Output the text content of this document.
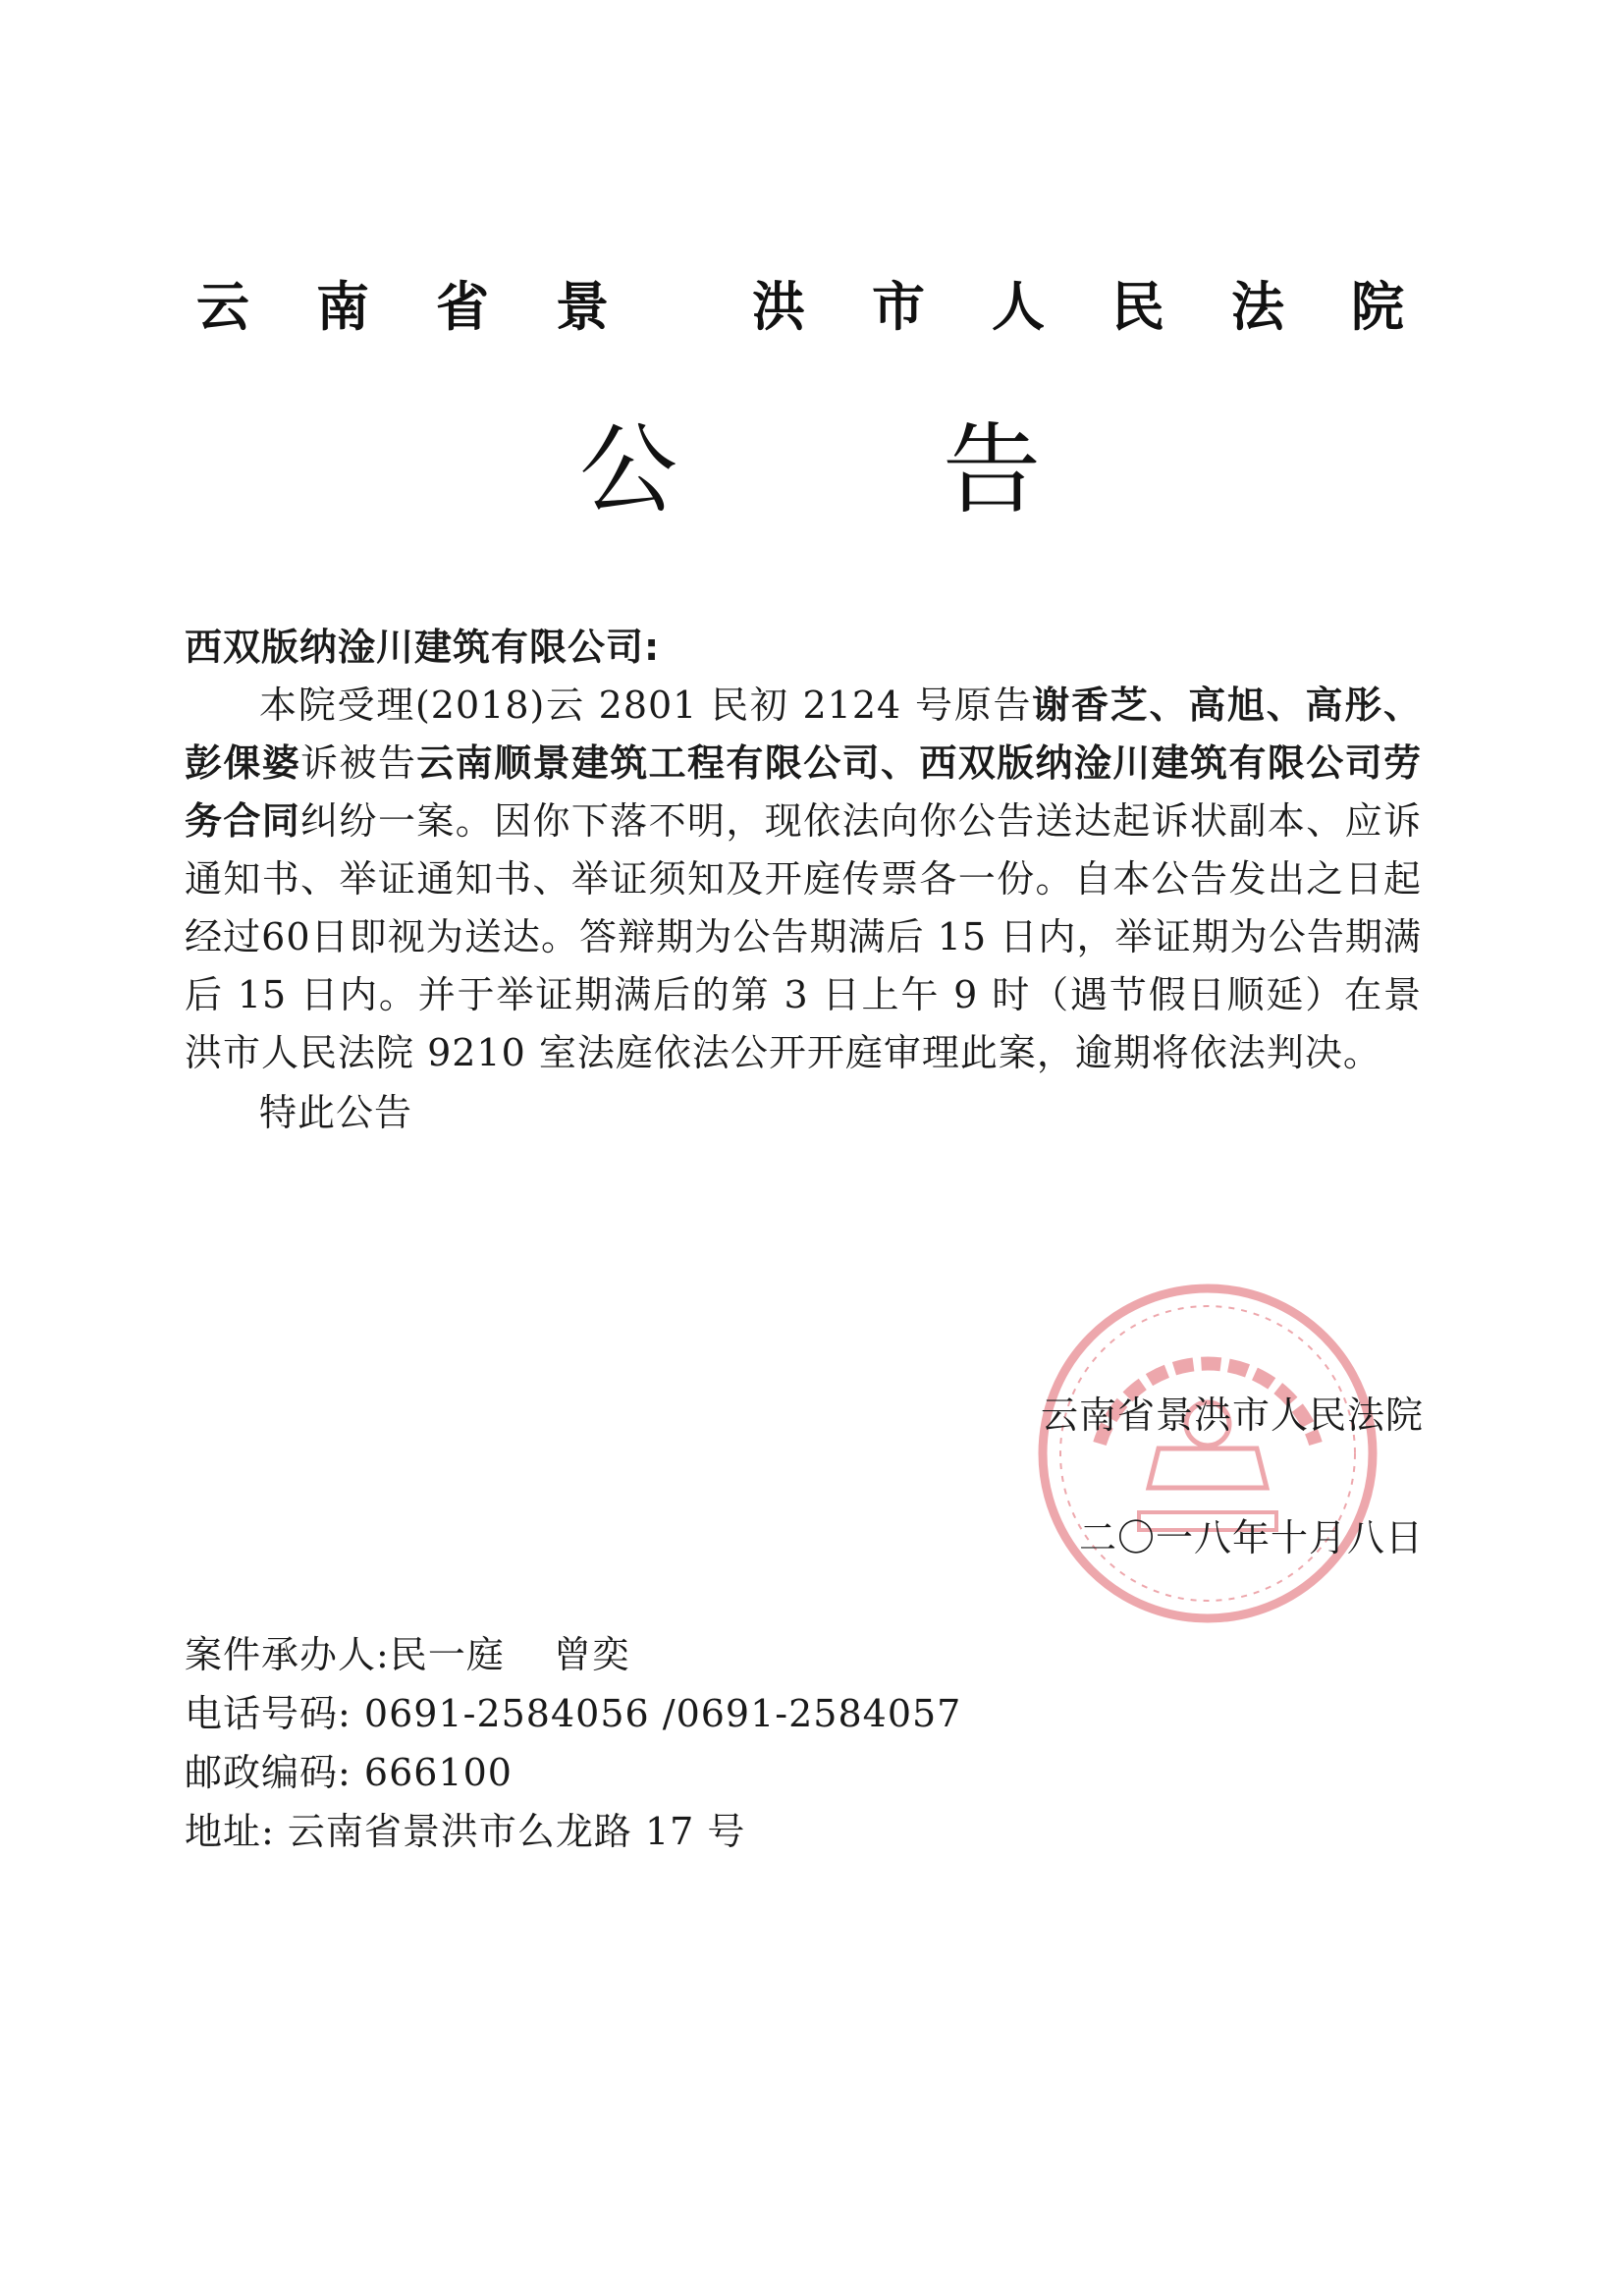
云 南 省 景	洪 市 人 民 法 院
公	告

西双版纳淦川建筑有限公司:

本院受理(2018)云 2801 民初 2124 号原告谢香芝、高旭、高彤、彭倮婆诉被告云南顺景建筑工程有限公司、西双版纳淦川建筑有限公司劳务合同纠纷一案。因你下落不明，现依法向你公告送达起诉状副本、应诉通知书、举证通知书、举证须知及开庭传票各一份。自本公告发出之日起经过60日即视为送达。答辩期为公告期满后 15 日内，举证期为公告期满后 15 日内。并于举证期满后的第 3 日上午 9 时（遇节假日顺延）在景洪市人民法院 9210 室法庭依法公开开庭审理此案，逾期将依法判决。

特此公告

云南省景洪市人民法院
二〇一八年十月八日
案件承办人:民一庭 曾奕
电话号码: 0691-2584056 /0691-2584057
邮政编码: 666100
地址: 云南省景洪市么龙路 17 号
